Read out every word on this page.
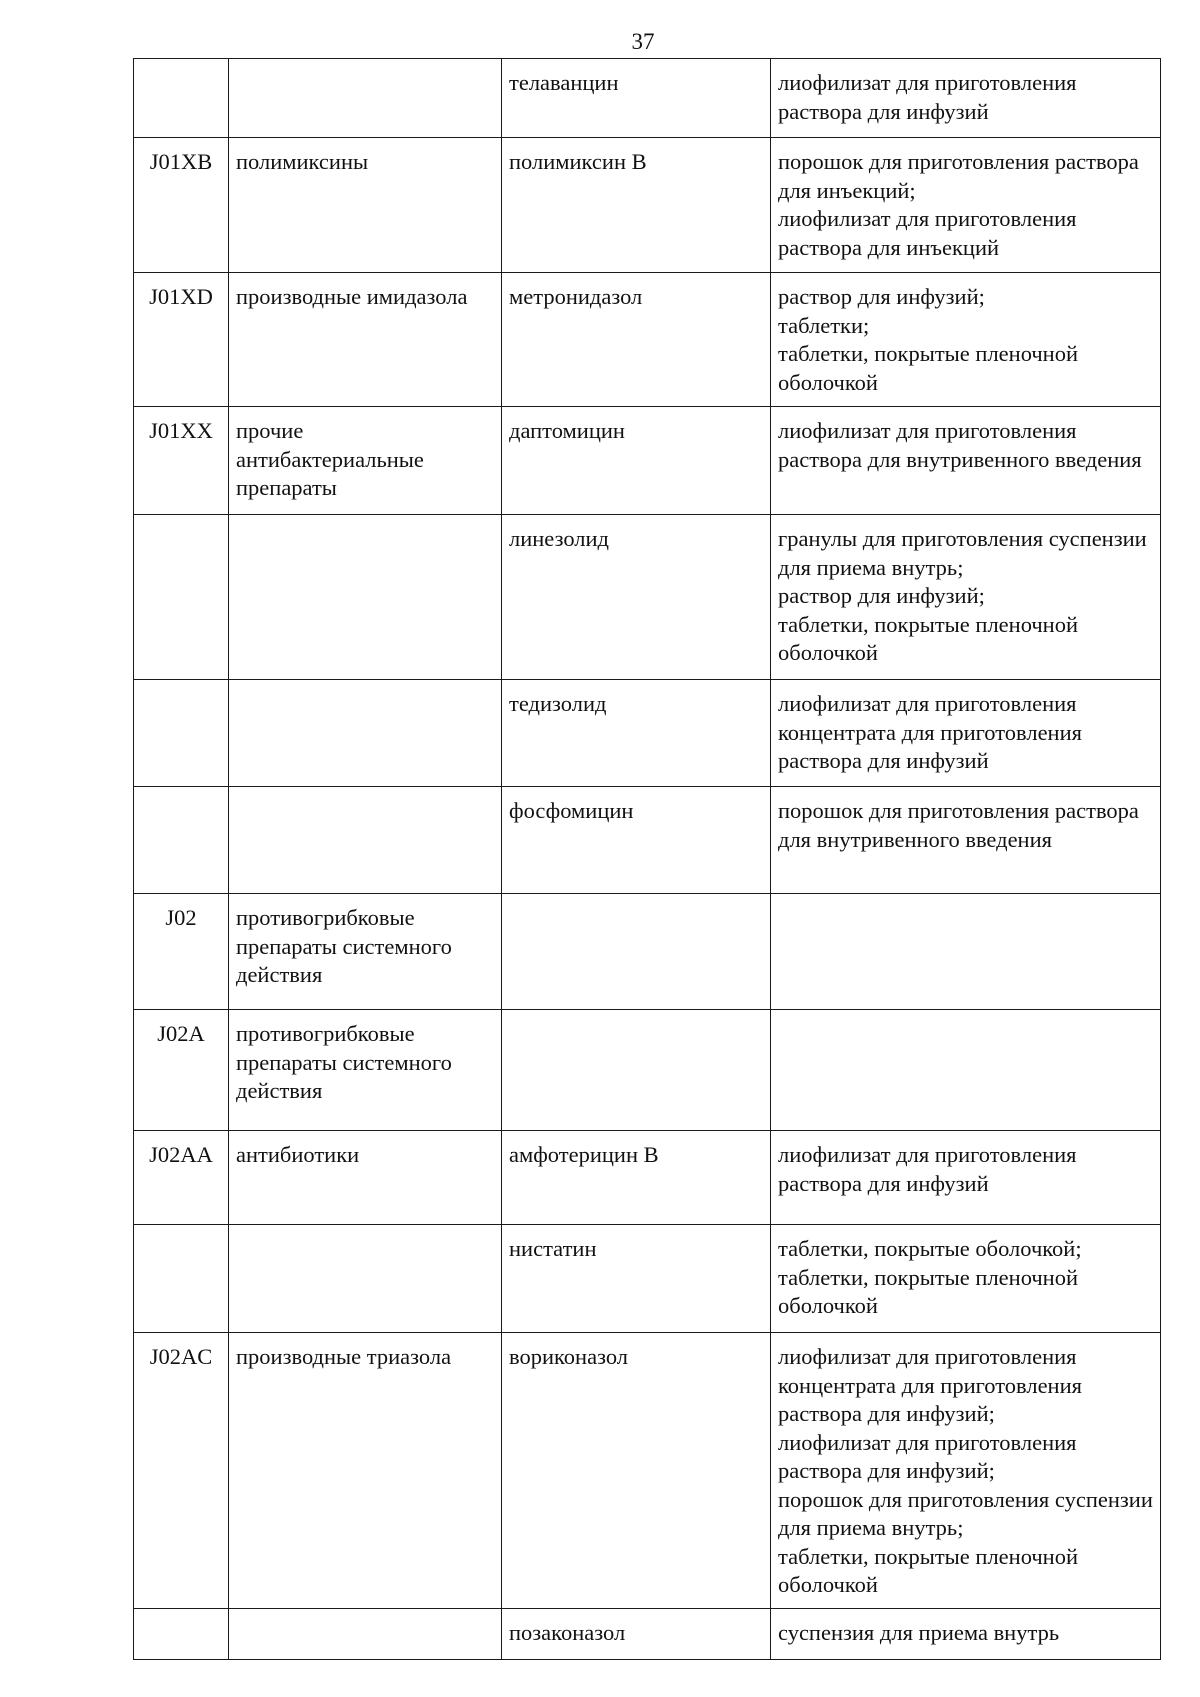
37
		телаванцин	лиофилизат для приготовления раствора для инфузий

J01XB	полимиксины	полимиксин В	порошок для приготовления раствора для инъекций;
лиофилизат для приготовления раствора для инъекций

J01XD	производные имидазола	метронидазол	раствор для инфузий;
таблетки;
таблетки, покрытые пленочной оболочкой

J01XX	прочие антибактериальные препараты	даптомицин	лиофилизат для приготовления раствора для внутривенного введения

		линезолид	гранулы для приготовления суспензии для приема внутрь;
раствор для инфузий;
таблетки, покрытые пленочной оболочкой

		тедизолид	лиофилизат для приготовления концентрата для приготовления раствора для инфузий

		фосфомицин	порошок для приготовления раствора для внутривенного введения

J02	противогрибковые препараты системного действия		
J02A	противогрибковые препараты системного действия		
J02AA	антибиотики	амфотерицин В	лиофилизат для приготовления раствора для инфузий

		нистатин	таблетки, покрытые оболочкой;
таблетки, покрытые пленочной оболочкой

J02AC	производные триазола	вориконазол	лиофилизат для приготовления концентрата для приготовления раствора для инфузий;
лиофилизат для приготовления раствора для инфузий;
порошок для приготовления суспензии для приема внутрь;
таблетки, покрытые пленочной оболочкой

		позаконазол	суспензия для приема внутрь
